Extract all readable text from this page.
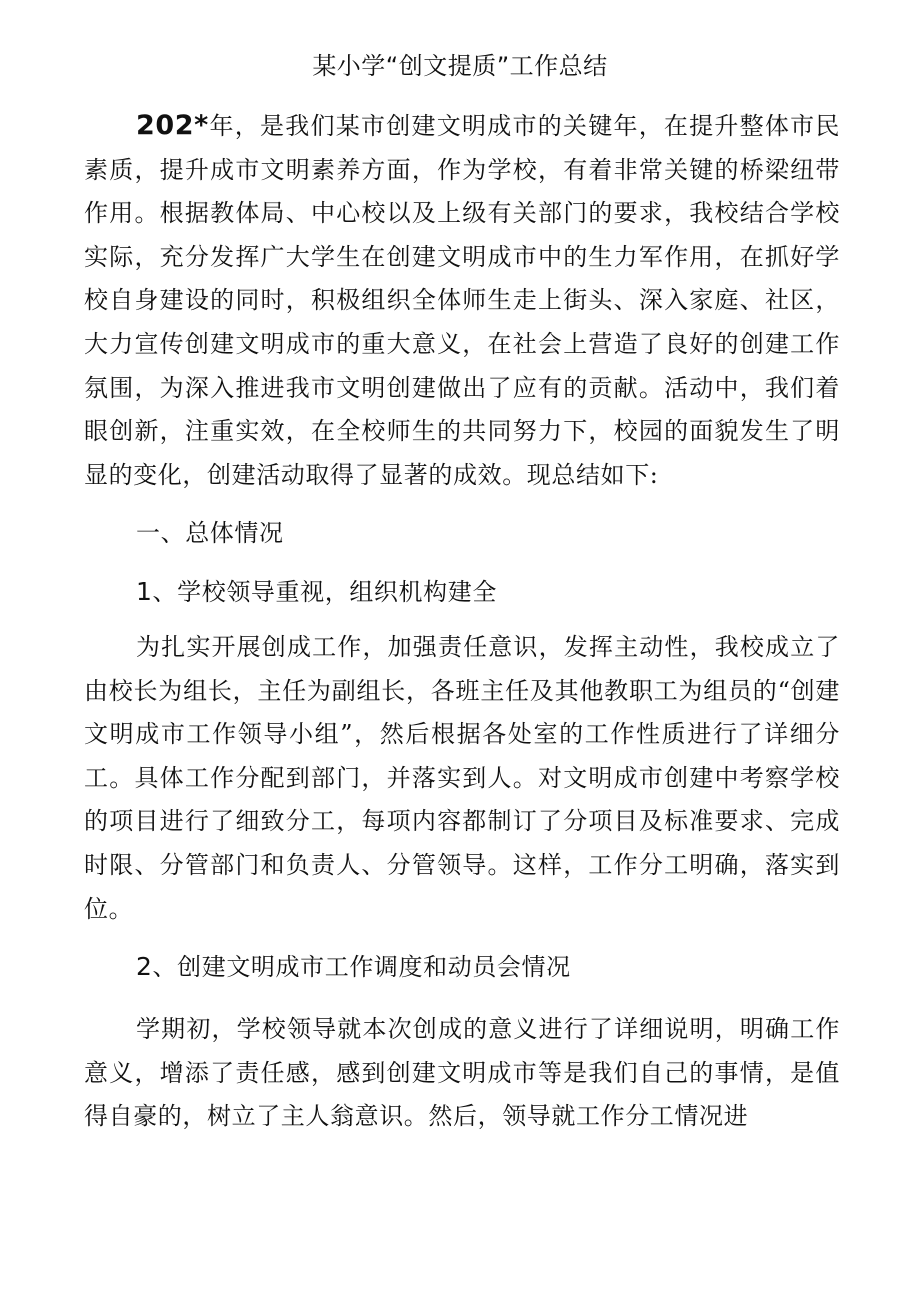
某小学“创文提质”工作总结

202*年，是我们某市创建文明成市的关键年，在提升整体市民素质，提升成市文明素养方面，作为学校，有着非常关键的桥梁纽带作用。根据教体局、中心校以及上级有关部门的要求，我校结合学校实际，充分发挥广大学生在创建文明成市中的生力军作用，在抓好学校自身建设的同时，积极组织全体师生走上街头、深入家庭、社区，大力宣传创建文明成市的重大意义，在社会上营造了良好的创建工作氛围，为深入推进我市文明创建做出了应有的贡献。活动中，我们着眼创新，注重实效，在全校师生的共同努力下，校园的面貌发生了明显的变化，创建活动取得了显著的成效。现总结如下:

一、总体情况
1、学校领导重视，组织机构建全

为扎实开展创成工作，加强责任意识，发挥主动性，我校成立了由校长为组长，主任为副组长，各班主任及其他教职工为组员的“创建文明成市工作领导小组”，然后根据各处室的工作性质进行了详细分工。具体工作分配到部门，并落实到人。对文明成市创建中考察学校的项目进行了细致分工，每项内容都制订了分项目及标准要求、完成时限、分管部门和负责人、分管领导。这样，工作分工明确，落实到位。

2、创建文明成市工作调度和动员会情况

学期初，学校领导就本次创成的意义进行了详细说明，明确工作意义，增添了责任感，感到创建文明成市等是我们自己的事情，是值得自豪的，树立了主人翁意识。然后，领导就工作分工情况进
